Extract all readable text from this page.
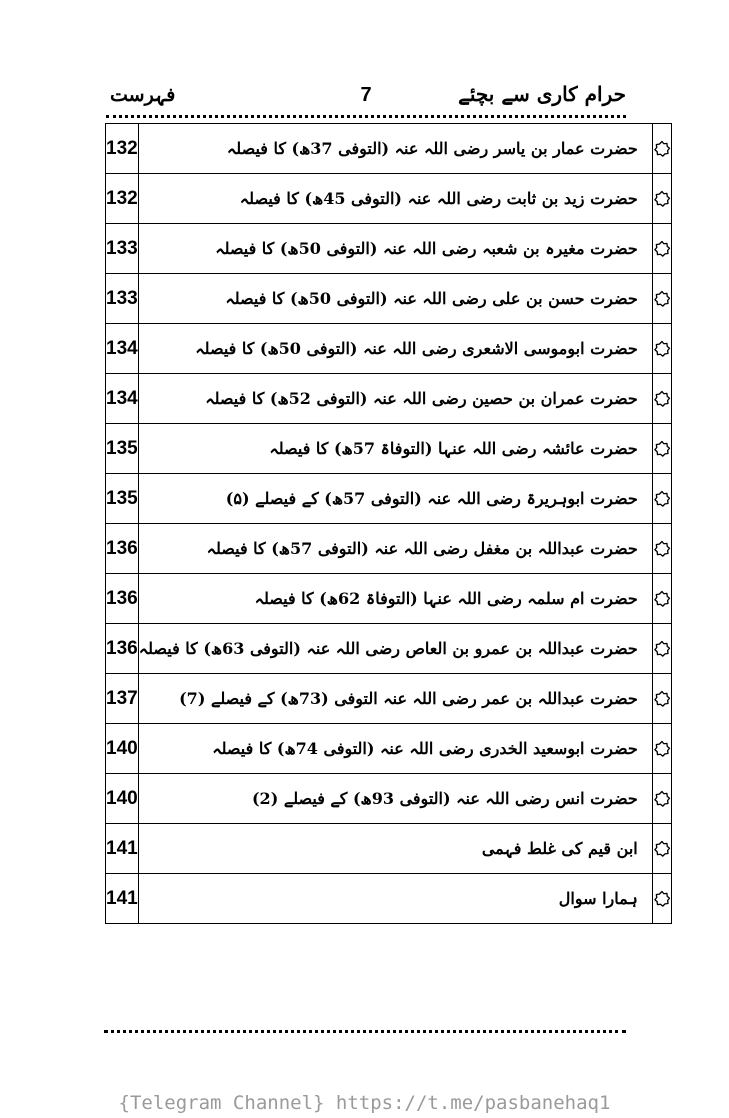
حرام کاری سے بچئے
7
فہرست
132	حضرت عمار بن یاسر رضی اللہ عنہ (التوفی 37ھ) کا فیصلہ	

132	حضرت زید بن ثابت رضی اللہ عنہ (التوفی 45ھ) کا فیصلہ	

133	حضرت مغیرہ بن شعبہ رضی اللہ عنہ (التوفی 50ھ) کا فیصلہ	

133	حضرت حسن بن علی رضی اللہ عنہ (التوفی 50ھ) کا فیصلہ	

134	حضرت ابوموسی الاشعری رضی اللہ عنہ (التوفی 50ھ) کا فیصلہ	

134	حضرت عمران بن حصین رضی اللہ عنہ (التوفی 52ھ) کا فیصلہ	

135	حضرت عائشہ رضی اللہ عنہا (التوفاۃ 57ھ) کا فیصلہ	

135	حضرت ابوہریرۃ رضی اللہ عنہ (التوفی 57ھ) کے فیصلے (۵)	

136	حضرت عبداللہ بن مغفل رضی اللہ عنہ (التوفی 57ھ) کا فیصلہ	

136	حضرت ام سلمہ رضی اللہ عنہا (التوفاۃ 62ھ) کا فیصلہ	

136	حضرت عبداللہ بن عمرو بن العاص رضی اللہ عنہ (التوفی 63ھ) کا فیصلہ	

137	حضرت عبداللہ بن عمر رضی اللہ عنہ التوفی (73ھ) کے فیصلے (7)	

140	حضرت ابوسعید الخدری رضی اللہ عنہ (التوفی 74ھ) کا فیصلہ	

140	حضرت انس رضی اللہ عنہ (التوفی 93ھ) کے فیصلے (2)	

141	ابن قیم کی غلط فہمی	

141	ہمارا سوال	
{Telegram Channel} https://t.me/pasbanehaq1
